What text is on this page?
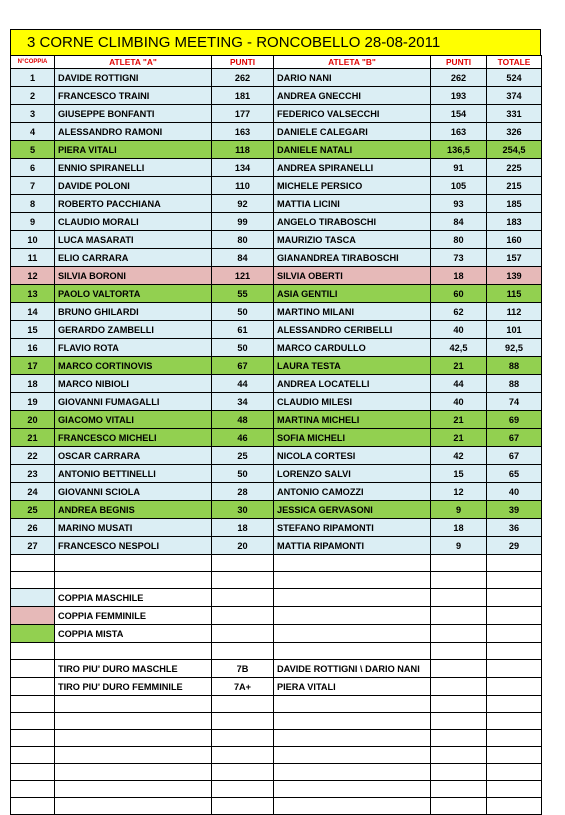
3 CORNE CLIMBING MEETING - RONCOBELLO 28-08-2011
N°COPPIA	ATLETA "A"	PUNTI	ATLETA "B"	PUNTI	TOTALE
1	DAVIDE ROTTIGNI	262	DARIO NANI	262	524
2	FRANCESCO TRAINI	181	ANDREA GNECCHI	193	374
3	GIUSEPPE BONFANTI	177	FEDERICO VALSECCHI	154	331
4	ALESSANDRO RAMONI	163	DANIELE CALEGARI	163	326
5	PIERA VITALI	118	DANIELE NATALI	136,5	254,5
6	ENNIO SPIRANELLI	134	ANDREA SPIRANELLI	91	225
7	DAVIDE POLONI	110	MICHELE PERSICO	105	215
8	ROBERTO PACCHIANA	92	MATTIA LICINI	93	185
9	CLAUDIO MORALI	99	ANGELO TIRABOSCHI	84	183
10	LUCA MASARATI	80	MAURIZIO TASCA	80	160
11	ELIO CARRARA	84	GIANANDREA TIRABOSCHI	73	157
12	SILVIA BORONI	121	SILVIA OBERTI	18	139
13	PAOLO VALTORTA	55	ASIA GENTILI	60	115
14	BRUNO GHILARDI	50	MARTINO MILANI	62	112
15	GERARDO ZAMBELLI	61	ALESSANDRO CERIBELLI	40	101
16	FLAVIO ROTA	50	MARCO CARDULLO	42,5	92,5
17	MARCO CORTINOVIS	67	LAURA TESTA	21	88
18	MARCO NIBIOLI	44	ANDREA LOCATELLI	44	88
19	GIOVANNI FUMAGALLI	34	CLAUDIO MILESI	40	74
20	GIACOMO VITALI	48	MARTINA MICHELI	21	69
21	FRANCESCO MICHELI	46	SOFIA MICHELI	21	67
22	OSCAR CARRARA	25	NICOLA CORTESI	42	67
23	ANTONIO BETTINELLI	50	LORENZO SALVI	15	65
24	GIOVANNI SCIOLA	28	ANTONIO CAMOZZI	12	40
25	ANDREA BEGNIS	30	JESSICA GERVASONI	9	39
26	MARINO MUSATI	18	STEFANO RIPAMONTI	18	36
27	FRANCESCO NESPOLI	20	MATTIA RIPAMONTI	9	29

	COPPIA MASCHILE				
	COPPIA FEMMINILE				
	COPPIA MISTA				

	TIRO PIU' DURO MASCHLE	7B	DAVIDE ROTTIGNI \ DARIO NANI		
	TIRO PIU' DURO FEMMINILE	7A+	PIERA VITALI		
